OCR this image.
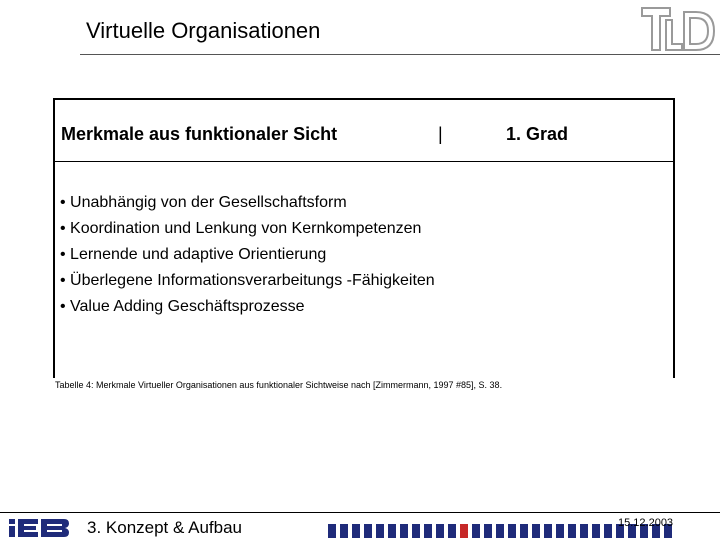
Virtuelle Organisationen
Merkmale aus funktionaler Sicht	|	1. Grad
• Unabhängig von der Gesellschaftsform
• Koordination und Lenkung von Kernkompetenzen
• Lernende und adaptive Orientierung
• Überlegene Informationsverarbeitungs -Fähigkeiten
• Value Adding Geschäftsprozesse
Tabelle 4: Merkmale Virtueller Organisationen aus funktionaler Sichtweise nach [Zimmermann, 1997 #85], S. 38.
3. Konzept & Aufbau	15.12.2003
